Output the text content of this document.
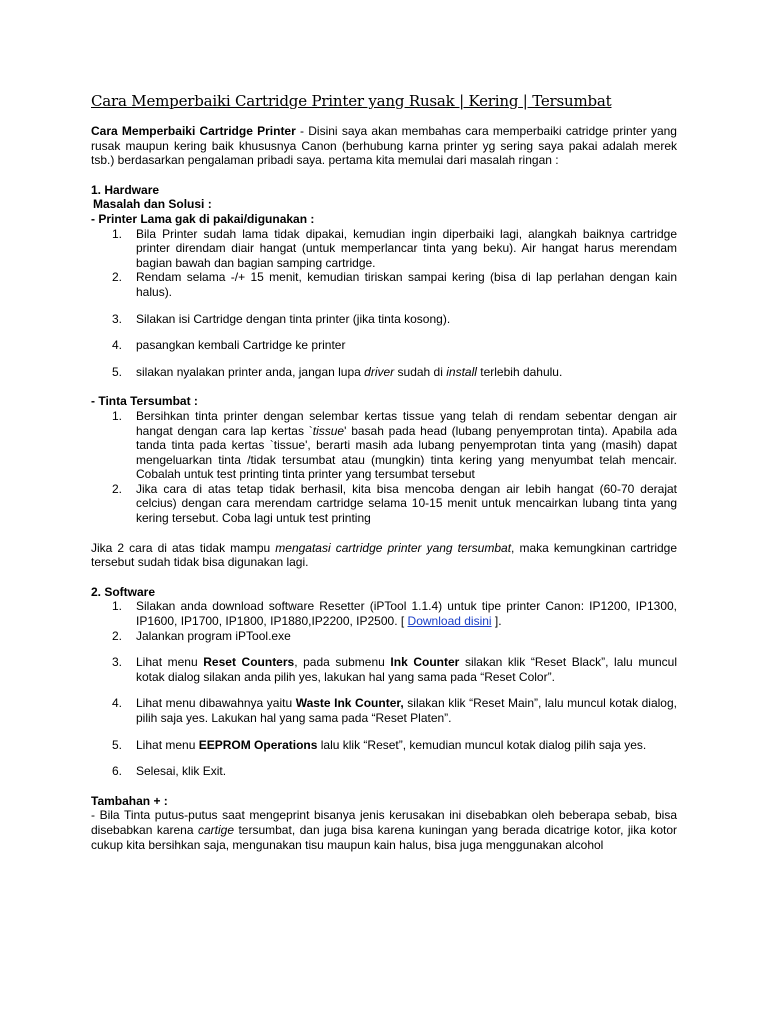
Cara Memperbaiki Cartridge Printer yang Rusak | Kering | Tersumbat

Cara Memperbaiki Cartridge Printer - Disini saya akan membahas cara memperbaiki catridge printer yang rusak maupun kering baik khususnya Canon (berhubung karna printer yg sering saya pakai adalah merek tsb.) berdasarkan pengalaman pribadi saya. pertama kita memulai dari masalah ringan :

1. Hardware

Masalah dan Solusi :

- Printer Lama gak di pakai/digunakan :

1. Bila Printer sudah lama tidak dipakai, kemudian ingin diperbaiki lagi, alangkah baiknya cartridge printer direndam diair hangat (untuk memperlancar tinta yang beku). Air hangat harus merendam bagian bawah dan bagian samping cartridge.
2. Rendam selama -/+ 15 menit, kemudian tiriskan sampai kering (bisa di lap perlahan dengan kain halus).
3. Silakan isi Cartridge dengan tinta printer (jika tinta kosong).
4. pasangkan kembali Cartridge ke printer
5. silakan nyalakan printer anda, jangan lupa driver sudah di install terlebih dahulu.

- Tinta Tersumbat :

1. Bersihkan tinta printer dengan selembar kertas tissue yang telah di rendam sebentar dengan air hangat dengan cara lap kertas `tissue' basah pada head (lubang penyemprotan tinta). Apabila ada tanda tinta pada kertas `tissue', berarti masih ada lubang penyemprotan tinta yang (masih) dapat mengeluarkan tinta /tidak tersumbat atau (mungkin) tinta kering yang menyumbat telah mencair. Cobalah untuk test printing tinta printer yang tersumbat tersebut
2. Jika cara di atas tetap tidak berhasil, kita bisa mencoba dengan air lebih hangat (60-70 derajat celcius) dengan cara merendam cartridge selama 10-15 menit untuk mencairkan lubang tinta yang kering tersebut. Coba lagi untuk test printing

Jika 2 cara di atas tidak mampu mengatasi cartridge printer yang tersumbat, maka kemungkinan cartridge tersebut sudah tidak bisa digunakan lagi.

2. Software

1. Silakan anda download software Resetter (iPTool 1.1.4) untuk tipe printer Canon: IP1200, IP1300, IP1600, IP1700, IP1800, IP1880,IP2200, IP2500. [ Download disini ].
2. Jalankan program iPTool.exe
3. Lihat menu Reset Counters, pada submenu Ink Counter silakan klik “Reset Black”, lalu muncul kotak dialog silakan anda pilih yes, lakukan hal yang sama pada “Reset Color”.
4. Lihat menu dibawahnya yaitu Waste Ink Counter, silakan klik “Reset Main”, lalu muncul kotak dialog, pilih saja yes. Lakukan hal yang sama pada “Reset Platen”.
5. Lihat menu EEPROM Operations lalu klik “Reset”, kemudian muncul kotak dialog pilih saja yes.
6. Selesai, klik Exit.

Tambahan + :

- Bila Tinta putus-putus saat mengeprint bisanya jenis kerusakan ini disebabkan oleh beberapa sebab, bisa disebabkan karena cartige tersumbat, dan juga bisa karena kuningan yang berada dicatrige kotor, jika kotor cukup kita bersihkan saja, mengunakan tisu maupun kain halus, bisa juga menggunakan alcohol
